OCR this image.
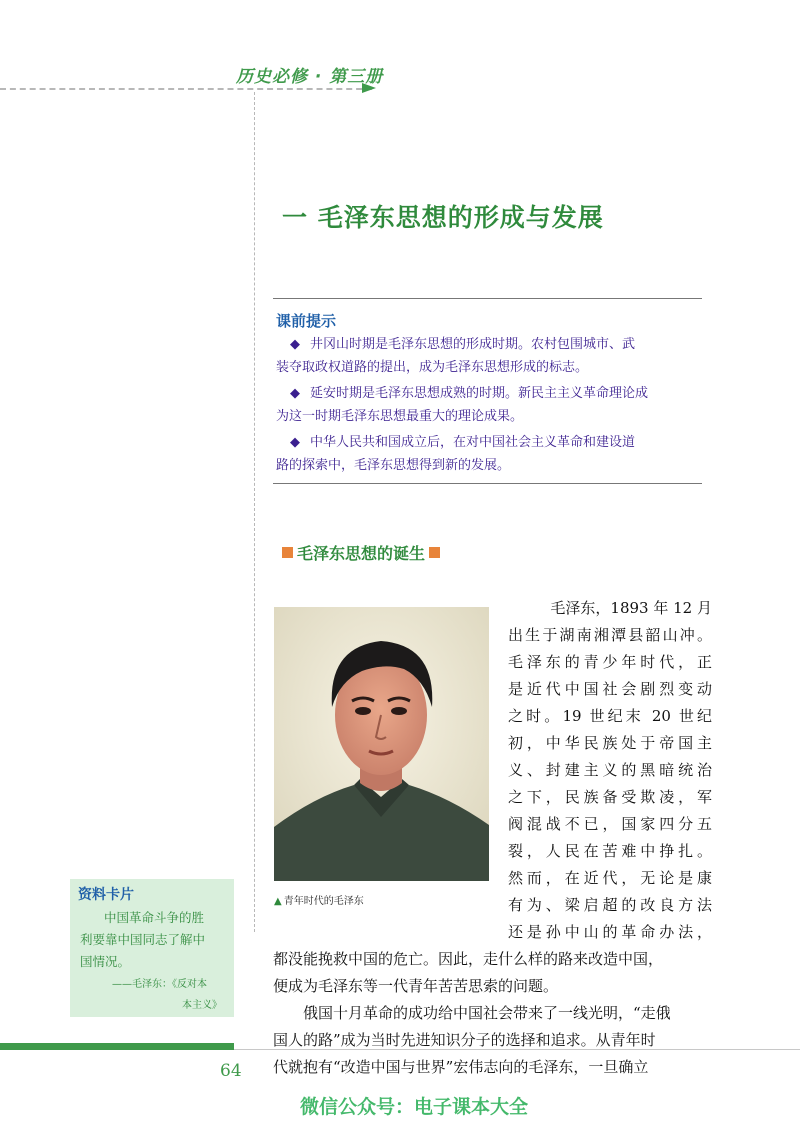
历史必修 · 第三册
一 毛泽东思想的形成与发展
课前提示
◆ 井冈山时期是毛泽东思想的形成时期。农村包围城市、武
装夺取政权道路的提出，成为毛泽东思想形成的标志。
◆ 延安时期是毛泽东思想成熟的时期。新民主主义革命理论成
为这一时期毛泽东思想最重大的理论成果。
◆ 中华人民共和国成立后，在对中国社会主义革命和建设道
路的探索中，毛泽东思想得到新的发展。
毛泽东思想的诞生
▲ 青年时代的毛泽东
毛泽东，1893 年 12 月
出生于湖南湘潭县韶山冲。
毛泽东的青少年时代，正
是近代中国社会剧烈变动
之时。19 世纪末 20 世纪
初，中华民族处于帝国主
义、封建主义的黑暗统治
之下，民族备受欺凌，军
阀混战不已，国家四分五
裂，人民在苦难中挣扎。
然而，在近代，无论是康
有为、梁启超的改良方法
还是孙中山的革命办法，
都没能挽救中国的危亡。因此，走什么样的路来改造中国，
便成为毛泽东等一代青年苦苦思索的问题。
俄国十月革命的成功给中国社会带来了一线光明，“走俄
国人的路”成为当时先进知识分子的选择和追求。从青年时
代就抱有“改造中国与世界”宏伟志向的毛泽东，一旦确立
资料卡片
中国革命斗争的胜
利要靠中国同志了解中
国情况。
——毛泽东：《反对本
本主义》
64
微信公众号：电子课本大全
